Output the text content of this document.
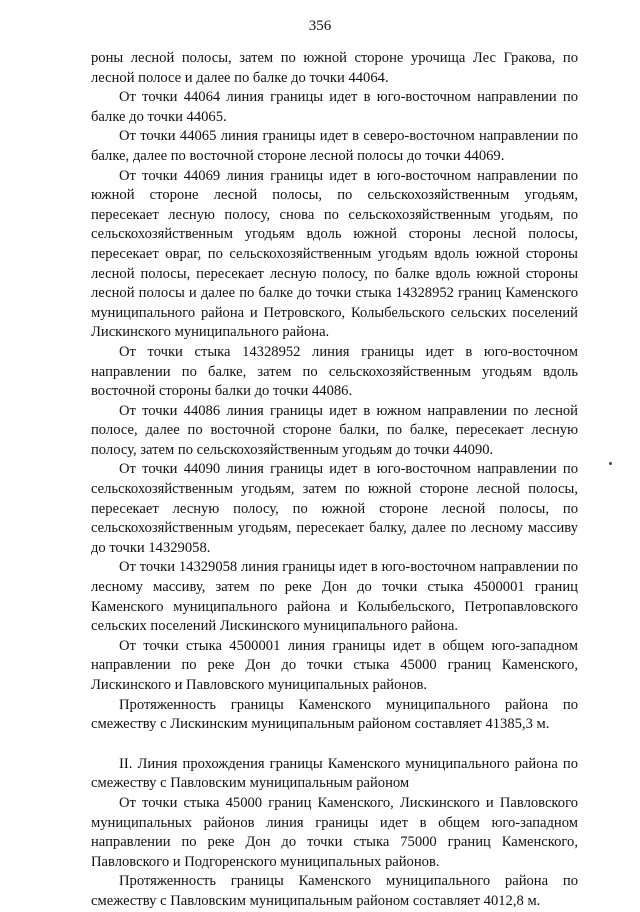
356

роны лесной полосы, затем по южной стороне урочища Лес Гракова, по лесной полосе и далее по балке до точки 44064.

От точки 44064 линия границы идет в юго-восточном направлении по балке до точки 44065.

От точки 44065 линия границы идет в северо-восточном направлении по балке, далее по восточной стороне лесной полосы до точки 44069.

От точки 44069 линия границы идет в юго-восточном направлении по южной стороне лесной полосы, по сельскохозяйственным угодьям, пересекает лесную полосу, снова по сельскохозяйственным угодьям, по сельскохозяйственным угодьям вдоль южной стороны лесной полосы, пересекает овраг, по сельскохозяйственным угодьям вдоль южной стороны лесной полосы, пересекает лесную полосу, по балке вдоль южной стороны лесной полосы и далее по балке до точки стыка 14328952 границ Каменского муниципального района и Петровского, Колыбельского сельских поселений Лискинского муниципального района.

От точки стыка 14328952 линия границы идет в юго-восточном направлении по балке, затем по сельскохозяйственным угодьям вдоль восточной стороны балки до точки 44086.

От точки 44086 линия границы идет в южном направлении по лесной полосе, далее по восточной стороне балки, по балке, пересекает лесную полосу, затем по сельскохозяйственным угодьям до точки 44090.

От точки 44090 линия границы идет в юго-восточном направлении по сельскохозяйственным угодьям, затем по южной стороне лесной полосы, пересекает лесную полосу, по южной стороне лесной полосы, по сельскохозяйственным угодьям, пересекает балку, далее по лесному массиву до точки 14329058.

От точки 14329058 линия границы идет в юго-восточном направлении по лесному массиву, затем по реке Дон до точки стыка 4500001 границ Каменского муниципального района и Колыбельского, Петропавловского сельских поселений Лискинского муниципального района.

От точки стыка 4500001 линия границы идет в общем юго-западном направлении по реке Дон до точки стыка 45000 границ Каменского, Лискинского и Павловского муниципальных районов.

Протяженность границы Каменского муниципального района по смежеству с Лискинским муниципальным районом составляет 41385,3 м.

II. Линия прохождения границы Каменского муниципального района по смежеству с Павловским муниципальным районом

От точки стыка 45000 границ Каменского, Лискинского и Павловского муниципальных районов линия границы идет в общем юго-западном направлении по реке Дон до точки стыка 75000 границ Каменского, Павловского и Подгоренского муниципальных районов.

Протяженность границы Каменского муниципального района по смежеству с Павловским муниципальным районом составляет 4012,8 м.
